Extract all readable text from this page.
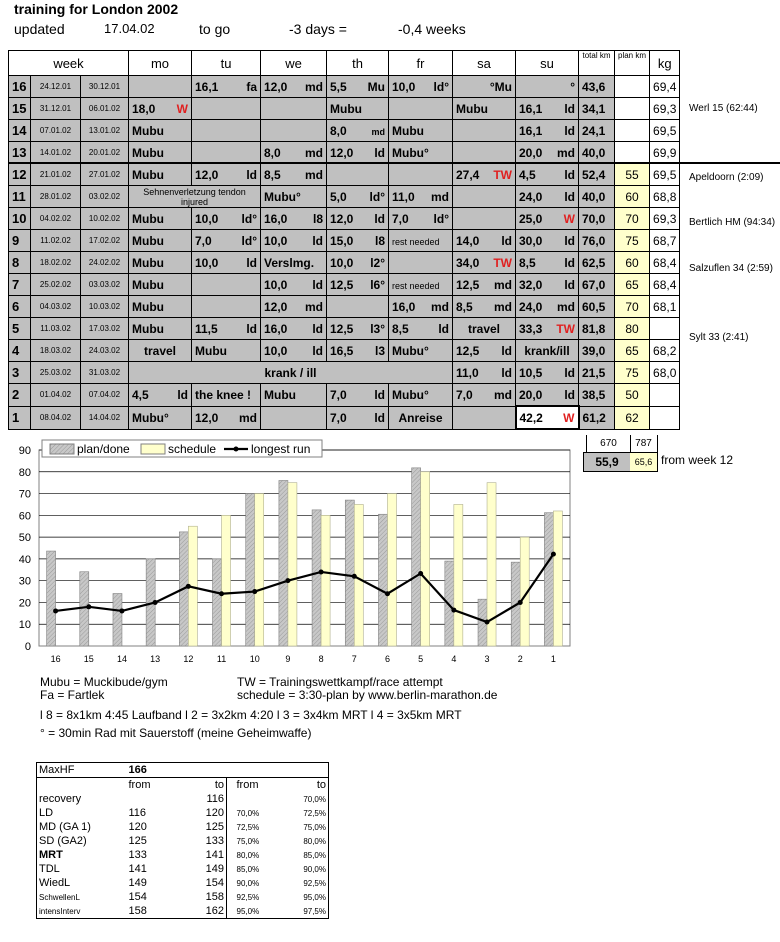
training for London 2002
updated	17.04.02	to go	-3 days =	-0,4 weeks
week			mo	tu	we	th	fr	sa	su	total km	plan km	kg
16	24.12.01	30.12.01		16,1 fa	12,0 md	5,5 Mu	10,0 ld°	°Mu	°	43,6		69,4
15	31.12.01	06.01.02	18,0 W			Mubu		Mubu	16,1 ld	34,1		69,3
14	07.01.02	13.01.02	Mubu			8,0 md	Mubu		16,1 ld	24,1		69,5
13	14.01.02	20.01.02	Mubu		8,0 md	12,0 ld	Mubu°		20,0 md	40,0		69,9
12	21.01.02	27.01.02	Mubu	12,0 ld	8,5 md			27,4 TW	4,5 ld	52,4	55	69,5
11	28.01.02	03.02.02	Sehnenverletzung tendon injured		Mubu°	5,0 ld°	11,0 md		24,0 ld	40,0	60	68,8
10	04.02.02	10.02.02	Mubu	10,0 ld°	16,0 l8	12,0 ld	7,0 ld°		25,0 W	70,0	70	69,3
9	11.02.02	17.02.02	Mubu	7,0 ld°	10,0 ld	15,0 l8	rest needed	14,0 ld	30,0 ld	76,0	75	68,7
8	18.02.02	24.02.02	Mubu	10,0 ld	Verslmg.	10,0 l2°		34,0 TW	8,5 ld	62,5	60	68,4
7	25.02.02	03.03.02	Mubu		10,0 ld	12,5 l6°	rest needed	12,5 md	32,0 ld	67,0	65	68,4
6	04.03.02	10.03.02	Mubu		12,0 md		16,0 md	8,5 md	24,0 md	60,5	70	68,1
5	11.03.02	17.03.02	Mubu	11,5 ld	16,0 ld	12,5 l3°	8,5 ld	travel	33,3 TW	81,8	80	
4	18.03.02	24.03.02	travel	Mubu	10,0 ld	16,5 l3	Mubu°	12,5 ld	krank/ill	39,0	65	68,2
3	25.03.02	31.03.02	krank / ill					11,0 ld	10,5 ld	21,5	75	68,0
2	01.04.02	07.04.02	4,5 ld	the knee !	Mubu	7,0 ld	Mubu°	7,0 md	20,0 ld	38,5	50	
1	08.04.02	14.04.02	Mubu°	12,0 md		7,0 ld	Anreise		42,2 W	61,2	62	
Werl 15 (62:44)
Apeldoorn (2:09)
Bertlich HM (94:34)
Salzuflen 34 (2:59)
Sylt 33 (2:41)
670	787
55,9	65,6 from week 12
0
10
20
30
40
50
60
70
80
90
16	15	14	13	12	11	10	9	8	7	6	5	4	3	2	1
plan/done	schedule	longest run
Mubu = Muckibude/gym	TW = Trainingswettkampf/race attempt
Fa = Fartlek	schedule = 3:30-plan by www.berlin-marathon.de
l 8 = 8x1km 4:45 Laufband l 2 = 3x2km 4:20 l 3 = 3x4km MRT l 4 = 3x5km MRT
° = 30min Rad mit Sauerstoff (meine Geheimwaffe)
MaxHF	166				
	from	to		from	to
recovery		116			70,0%
LD	116	120		70,0%	72,5%
MD (GA 1)	120	125		72,5%	75,0%
SD (GA2)	125	133		75,0%	80,0%
MRT	133	141		80,0%	85,0%
TDL	141	149		85,0%	90,0%
WiedL	149	154		90,0%	92,5%
SchwellenL	154	158		92,5%	95,0%
intensInterv	158	162		95,0%	97,5%
